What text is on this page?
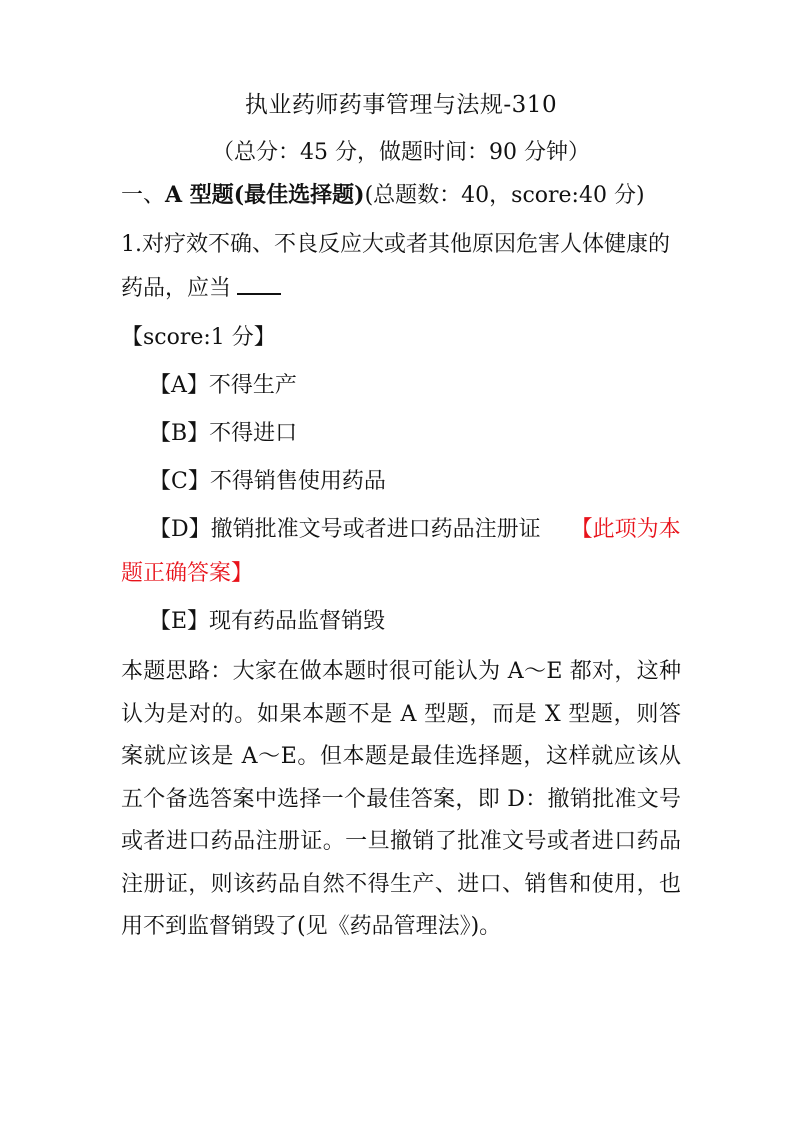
执业药师药事管理与法规-310
（总分：45 分，做题时间：90 分钟）
一、A 型题(最佳选择题)(总题数：40，score:40 分)
1.对疗效不确、不良反应大或者其他原因危害人体健康的药品，应当
【score:1 分】
【A】不得生产
【B】不得进口
【C】不得销售使用药品
【D】撤销批准文号或者进口药品注册证 【此项为本题正确答案】
【E】现有药品监督销毁
本题思路：大家在做本题时很可能认为 A～E 都对，这种认为是对的。如果本题不是 A 型题，而是 X 型题，则答案就应该是 A～E。但本题是最佳选择题，这样就应该从五个备选答案中选择一个最佳答案，即 D：撤销批准文号或者进口药品注册证。一旦撤销了批准文号或者进口药品注册证，则该药品自然不得生产、进口、销售和使用，也用不到监督销毁了(见《药品管理法》)。
